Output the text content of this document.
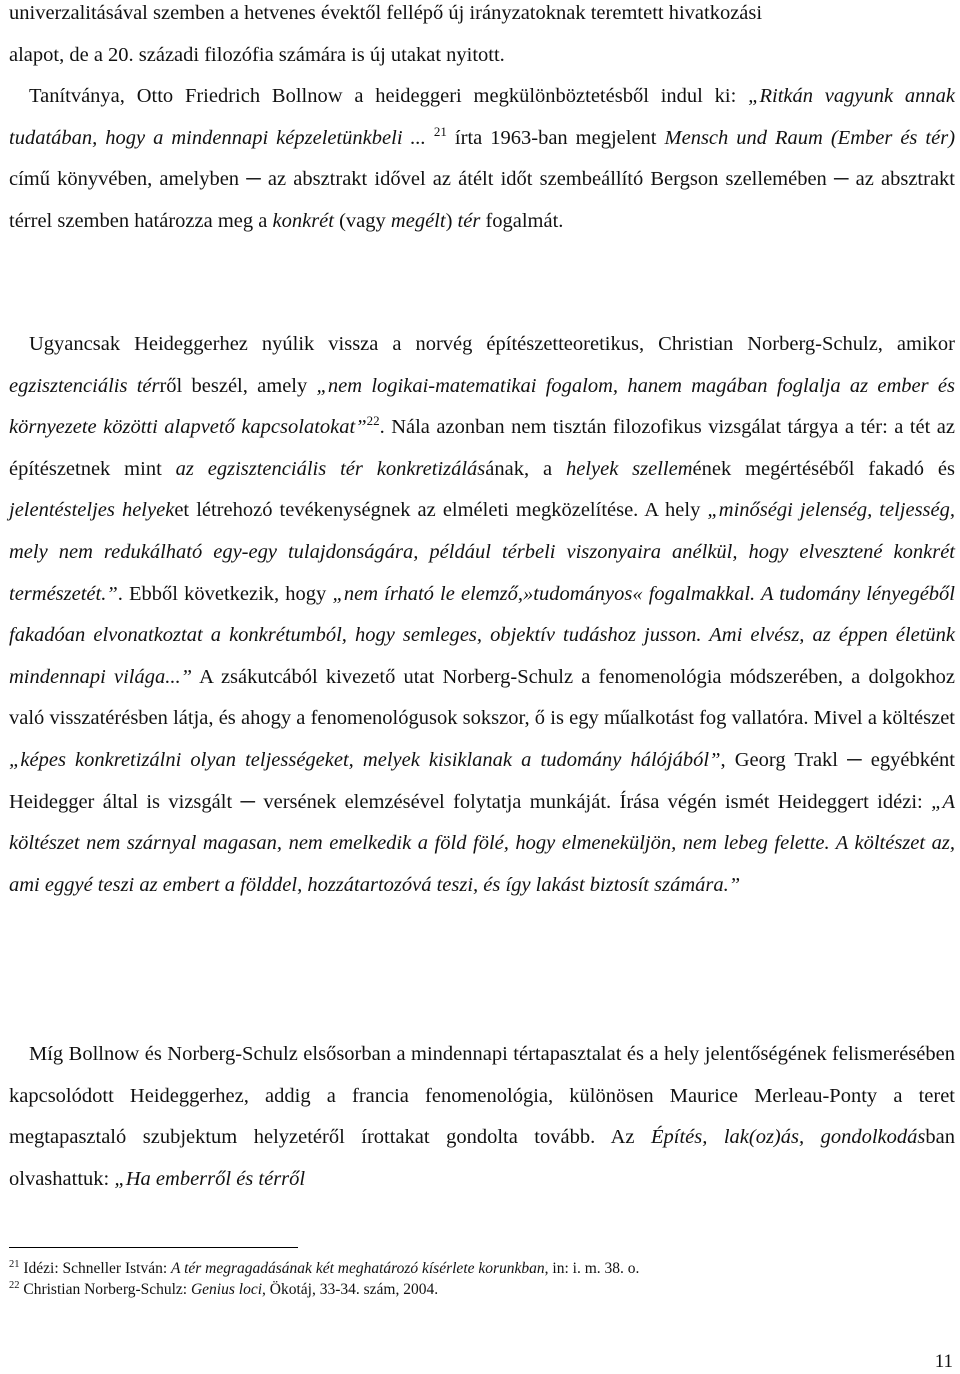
univerzalitásával szemben a hetvenes évektől fellépő új irányzatoknak teremtett hivatkozási
alapot, de a 20. századi filozófia számára is új utakat nyitott.

Tanítványa, Otto Friedrich Bollnow a heideggeri megkülönböztetésből indul ki: „Ritkán vagyunk annak tudatában, hogy a mindennapi képzeletünkbeli ... $^{21}$ írta 1963-ban megjelent Mensch und Raum (Ember és tér) című könyvében, amelyben ─ az absztrakt idővel az átélt időt szembeállító Bergson szellemében ─ az absztrakt térrel szemben határozza meg a konkrét (vagy megélt) tér fogalmát.

Ugyancsak Heideggerhez nyúlik vissza a norvég építészetteoretikus, Christian Norberg-Schulz, amikor egzisztenciális térről beszél, amely „nem logikai-matematikai fogalom, hanem magában foglalja az ember és környezete közötti alapvető kapcsolatokat”$^{22}$. Nála azonban nem tisztán filozofikus vizsgálat tárgya a tér: a tét az építészetnek mint az egzisztenciális tér konkretizálásának, a helyek szellemének megértéséből fakadó és jelentésteljes helyeket létrehozó tevékenységnek az elméleti megközelítése. A hely „minőségi jelenség, teljesség, mely nem redukálható egy-egy tulajdonságára, például térbeli viszonyaira anélkül, hogy elvesztené konkrét természetét.”. Ebből következik, hogy „nem írható le elemző,»tudományos« fogalmakkal. A tudomány lényegéből fakadóan elvonatkoztat a konkrétumból, hogy semleges, objektív tudáshoz jusson. Ami elvész, az éppen életünk mindennapi világa...” A zsákutcából kivezető utat Norberg-Schulz a fenomenológia módszerében, a dolgokhoz való visszatérésben látja, és ahogy a fenomenológusok sokszor, ő is egy műalkotást fog vallatóra. Mivel a költészet „képes konkretizálni olyan teljességeket, melyek kisiklanak a tudomány hálójából”, Georg Trakl ─ egyébként Heidegger által is vizsgált ─ versének elemzésével folytatja munkáját. Írása végén ismét Heideggert idézi: „A költészet nem szárnyal magasan, nem emelkedik a föld fölé, hogy elmeneküljön, nem lebeg felette. A költészet az, ami eggyé teszi az embert a földdel, hozzátartozóvá teszi, és így lakást biztosít számára.”

Míg Bollnow és Norberg-Schulz elsősorban a mindennapi tértapasztalat és a hely jelentőségének felismerésében kapcsolódott Heideggerhez, addig a francia fenomenológia, különösen Maurice Merleau-Ponty a teret megtapasztaló szubjektum helyzetéről írottakat gondolta tovább. Az Építés, lak(oz)ás, gondolkodásban olvashattuk: „Ha emberről és térről

$^{21}$ Idézi: Schneller István: A tér megragadásának két meghatározó kísérlete korunkban, in: i. m. 38. o.

$^{22}$ Christian Norberg-Schulz: Genius loci, Ökotáj, 33-34. szám, 2004.

11
